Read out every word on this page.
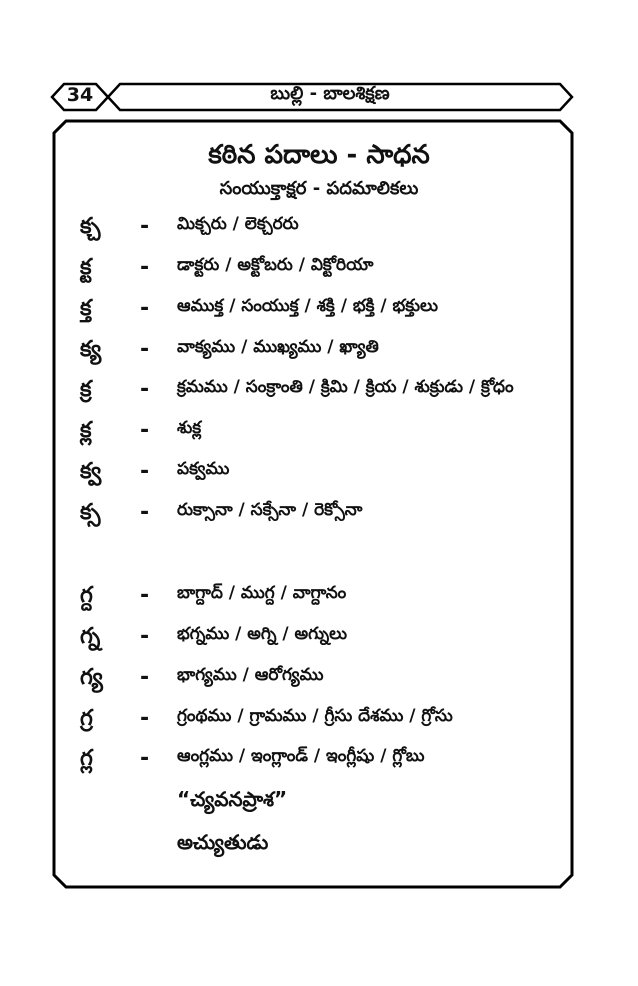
34	బుల్లి - బాలశిక్షణ
కఠిన పదాలు - సాధన
సంయుక్తాక్షర - పదమాలికలు
క్చ - మిక్చరు / లెక్చరరు
క్ట - డాక్టరు / అక్టోబరు / విక్టోరియా
క్త - ఆముక్త / సంయుక్త / శక్తి / భక్తి / భక్తులు
క్య - వాక్యము / ముఖ్యము / ఖ్యాతి
క్ర - క్రమము / సంక్రాంతి / క్రిమి / క్రియ / శుక్రుడు / క్రోధం
క్ల - శుక్ల
క్వ - పక్వము
క్స - రుక్సానా / సక్సేనా / రెక్సోనా
గ్ద - బాగ్దాద్ / ముగ్ద / వాగ్దానం
గ్న - భగ్నము / అగ్ని / అగ్నులు
గ్య - భాగ్యము / ఆరోగ్యము
గ్ర - గ్రంథము / గ్రామము / గ్రీసు దేశము / గ్రోసు
గ్ల - ఆంగ్లము / ఇంగ్లాండ్ / ఇంగ్లీషు / గ్లోబు
“చ్యవనప్రాశ”
అచ్యుతుడు
